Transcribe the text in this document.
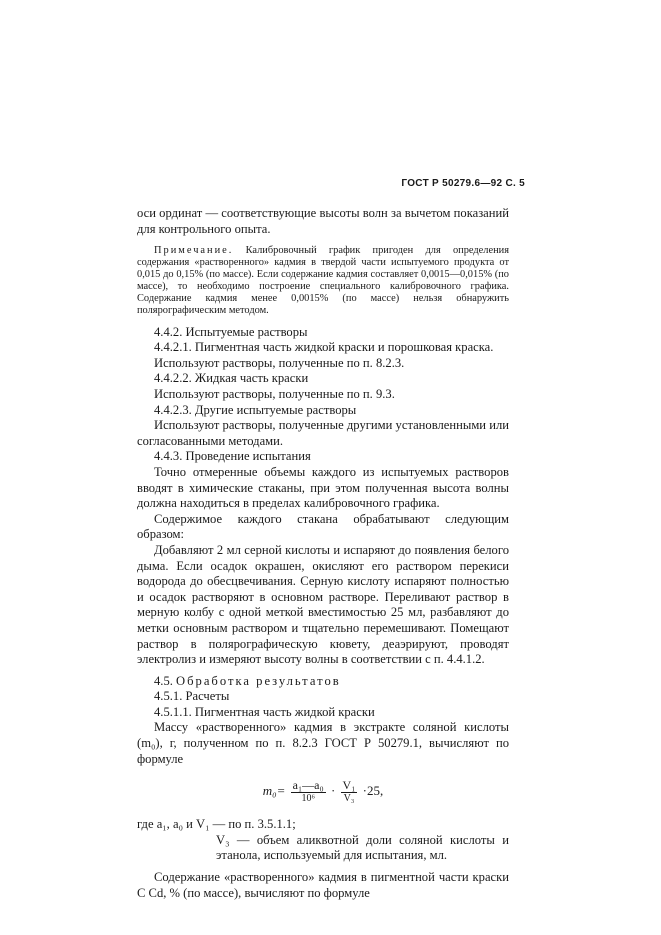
ГОСТ Р 50279.6—92 С. 5

оси ординат — соответствующие высоты волн за вычетом показаний для контрольного опыта.

Примечание. Калибровочный график пригоден для определения содержания «растворенного» кадмия в твердой части испытуемого продукта от 0,015 до 0,15% (по массе). Если содержание кадмия составляет 0,0015—0,015% (по массе), то необходимо построение специального калибровочного графика. Содержание кадмия менее 0,0015% (по массе) нельзя обнаружить полярографическим методом.

4.4.2. Испытуемые растворы

4.4.2.1. Пигментная часть жидкой краски и порошковая краска.

Используют растворы, полученные по п. 8.2.3.

4.4.2.2. Жидкая часть краски

Используют растворы, полученные по п. 9.3.

4.4.2.3. Другие испытуемые растворы

Используют растворы, полученные другими установленными или согласованными методами.

4.4.3. Проведение испытания

Точно отмеренные объемы каждого из испытуемых растворов вводят в химические стаканы, при этом полученная высота волны должна находиться в пределах калибровочного графика.

Содержимое каждого стакана обрабатывают следующим образом:

Добавляют 2 мл серной кислоты и испаряют до появления белого дыма. Если осадок окрашен, окисляют его раствором перекиси водорода до обесцвечивания. Серную кислоту испаряют полностью и осадок растворяют в основном растворе. Переливают раствор в мерную колбу с одной меткой вместимостью 25 мл, разбавляют до метки основным раствором и тщательно перемешивают. Помещают раствор в полярографическую кювету, деаэрируют, проводят электролиз и измеряют высоту волны в соответствии с п. 4.4.1.2.

4.5. Обработка результатов

4.5.1. Расчеты

4.5.1.1. Пигментная часть жидкой краски

Массу «растворенного» кадмия в экстракте соляной кислоты (m₀), г, полученном по п. 8.2.3 ГОСТ Р 50279.1, вычисляют по формуле

$m_0= \frac{\text{a₁—a₀}}{\text{10⁶}} \cdot \frac{\text{V₁}}{\text{V₃}} \cdot 25$,

где a₁, a₀ и V₁ — по п. 3.5.1.1;

V₃ — объем аликвотной доли соляной кислоты и этанола, используемый для испытания, мл.

Содержание «растворенного» кадмия в пигментной части краски C Cd, % (по массе), вычисляют по формуле
